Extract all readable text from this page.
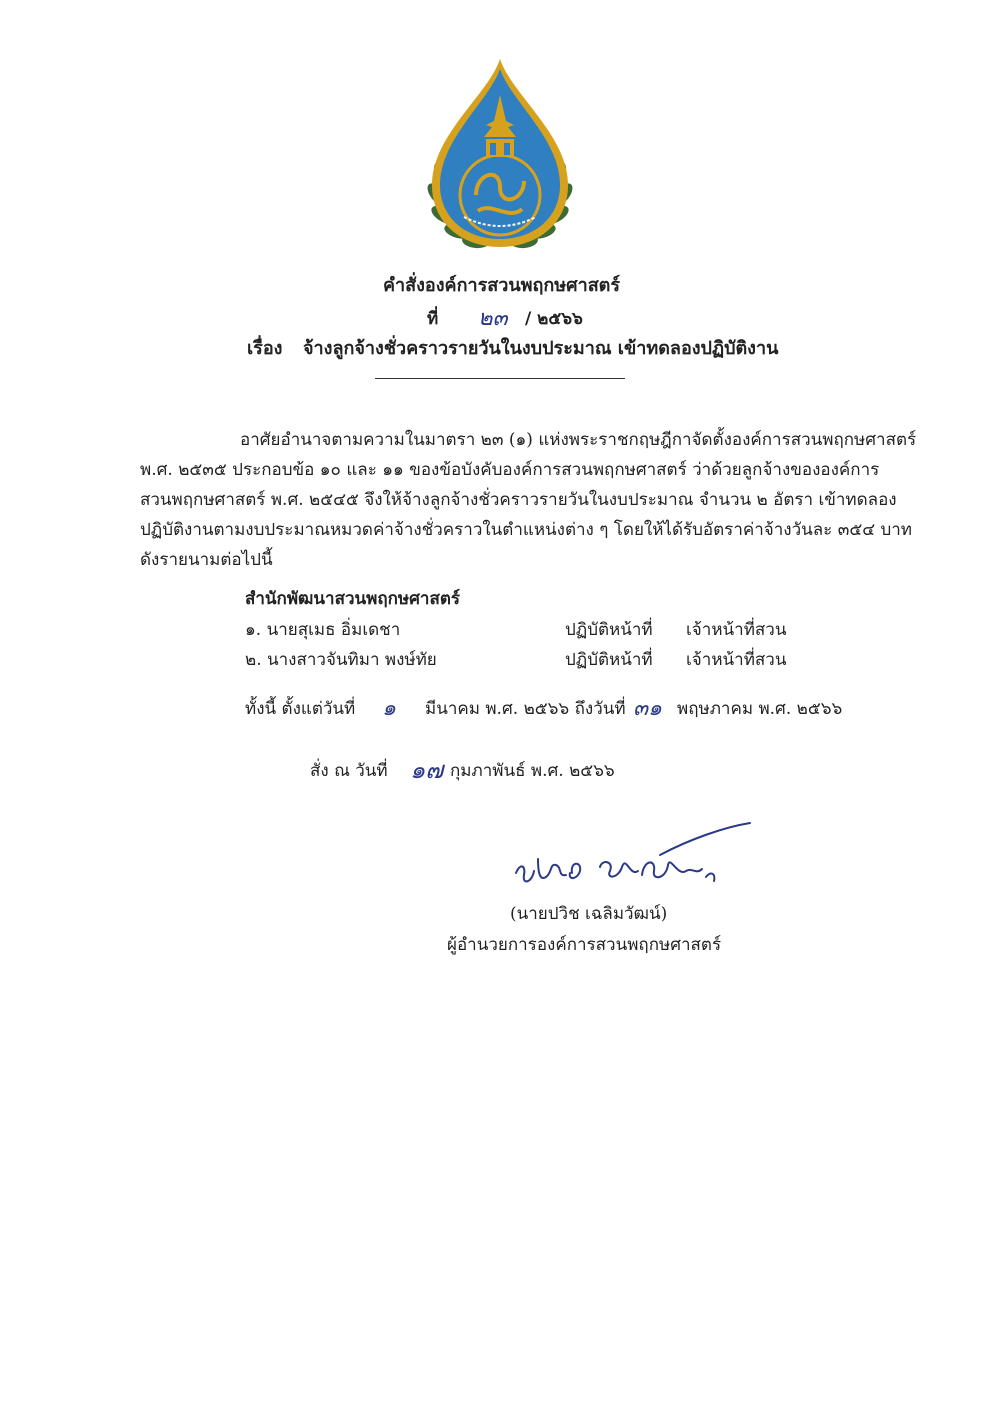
คำสั่งองค์การสวนพฤกษศาสตร์
ที่ ๒๓ / ๒๕๖๖
เรื่อง จ้างลูกจ้างชั่วคราวรายวันในงบประมาณ เข้าทดลองปฏิบัติงาน
อาศัยอำนาจตามความในมาตรา ๒๓ (๑) แห่งพระราชกฤษฎีกาจัดตั้งองค์การสวนพฤกษศาสตร์
พ.ศ. ๒๕๓๕ ประกอบข้อ ๑๐ และ ๑๑ ของข้อบังคับองค์การสวนพฤกษศาสตร์ ว่าด้วยลูกจ้างขององค์การ
สวนพฤกษศาสตร์ พ.ศ. ๒๕๔๕ จึงให้จ้างลูกจ้างชั่วคราวรายวันในงบประมาณ จำนวน ๒ อัตรา เข้าทดลอง
ปฏิบัติงานตามงบประมาณหมวดค่าจ้างชั่วคราวในตำแหน่งต่าง ๆ โดยให้ได้รับอัตราค่าจ้างวันละ ๓๕๔ บาท
ดังรายนามต่อไปนี้
สำนักพัฒนาสวนพฤกษศาสตร์
๑. นายสุเมธ อิ่มเดชา	ปฏิบัติหน้าที่ เจ้าหน้าที่สวน
๒. นางสาวจันทิมา พงษ์ทัย	ปฏิบัติหน้าที่ เจ้าหน้าที่สวน
ทั้งนี้ ตั้งแต่วันที่ ๑ มีนาคม พ.ศ. ๒๕๖๖ ถึงวันที่ ๓๑ พฤษภาคม พ.ศ. ๒๕๖๖
สั่ง ณ วันที่ ๑๗ กุมภาพันธ์ พ.ศ. ๒๕๖๖
(นายปวิช เฉลิมวัฒน์)
ผู้อำนวยการองค์การสวนพฤกษศาสตร์
